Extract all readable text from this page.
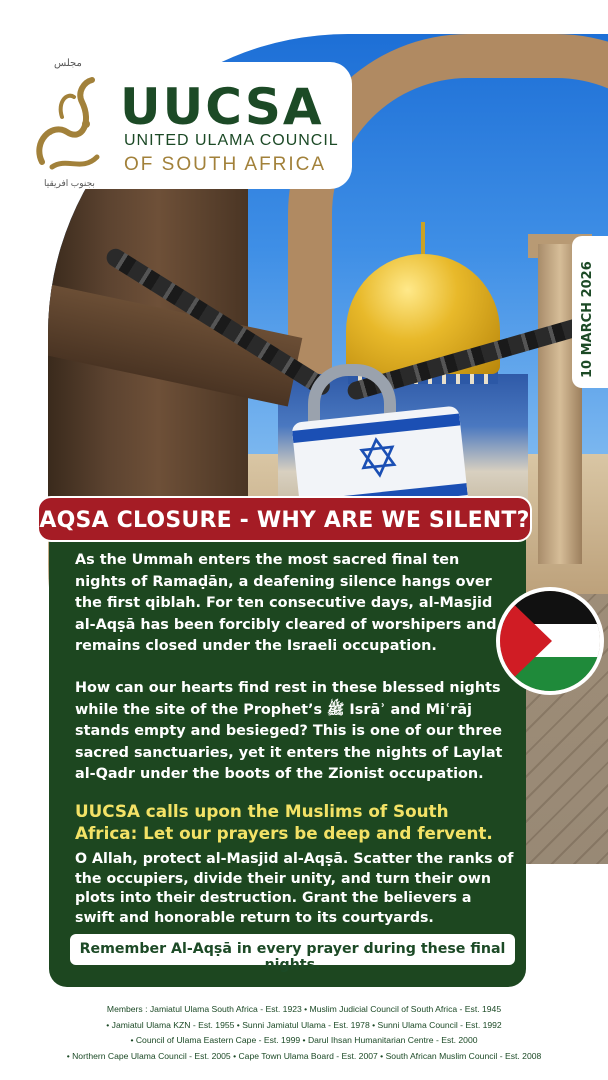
✡
مجلس
بجنوب افريقيا
UUCSA
UNITED ULAMA COUNCIL
OF SOUTH AFRICA
10 MARCH 2026
As the Ummah enters the most sacred final ten nights of Ramaḍān, a deafening silence hangs over the first qiblah. For ten consecutive days, al-Masjid al-Aqṣā has been forcibly cleared of worshipers and remains closed under the Israeli occupation.
How can our hearts find rest in these blessed nights while the site of the Prophet’s ﷺ Isrāʾ and Miʿrāj stands empty and besieged? This is one of our three sacred sanctuaries, yet it enters the nights of Laylat al-Qadr under the boots of the Zionist occupation.
UUCSA calls upon the Muslims of South Africa: Let our prayers be deep and fervent.
O Allah, protect al-Masjid al-Aqṣā. Scatter the ranks of the occupiers, divide their unity, and turn their own plots into their destruction. Grant the believers a swift and honorable return to its courtyards.
Remember Al-Aqṣā in every prayer during these final nights.
AQSA CLOSURE - WHY ARE WE SILENT?
Members : Jamiatul Ulama South Africa - Est. 1923 • Muslim Judicial Council of South Africa - Est. 1945
• Jamiatul Ulama KZN - Est. 1955 • Sunni Jamiatul Ulama - Est. 1978 • Sunni Ulama Council - Est. 1992
• Council of Ulama Eastern Cape - Est. 1999 • Darul Ihsan Humanitarian Centre - Est. 2000
• Northern Cape Ulama Council - Est. 2005 • Cape Town Ulama Board - Est. 2007 • South African Muslim Council - Est. 2008
